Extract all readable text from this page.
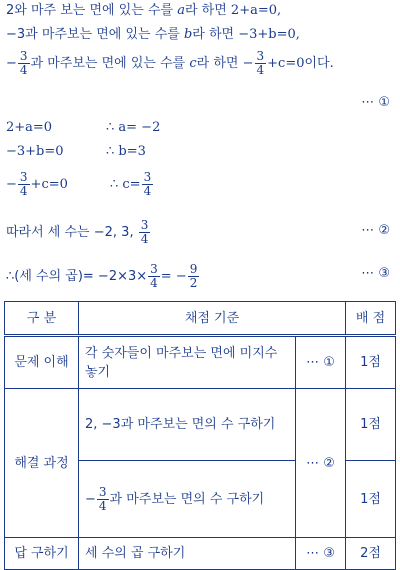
2와 마주 보는 면에 있는 수를 a라 하면 2+a=0,
−3과 마주보는 면에 있는 수를 b라 하면 −3+b=0,
− $\frac{3}{4}$ 과 마주보는 면에 있는 수를 c라 하면 − $\frac{3}{4} +c=0$이다.
⋯ ①
2+a=0	∴ a= −2
−3+b=0	∴ b=3
− $\frac{3}{4} +c=0$	∴ $c= \frac{3}{4}$
따라서 세 수는 −2, 3, $\frac{3}{4}$	⋯ ②
∴(세 수의 곱)= $-2\times 3\times \frac{3}{4}$ = − $\frac{9}{2}$	⋯ ③
구 분	채점 기준		배 점
문제 이해	각 숫자들이 마주보는 면에 미지수 놓기	⋯ ①	1점
해결 과정	2, −3과 마주보는 면의 수 구하기	⋯ ②	1점
	− $\frac{3}{4}$ 과 마주보는 면의 수 구하기		1점
답 구하기	세 수의 곱 구하기	⋯ ③	2점
